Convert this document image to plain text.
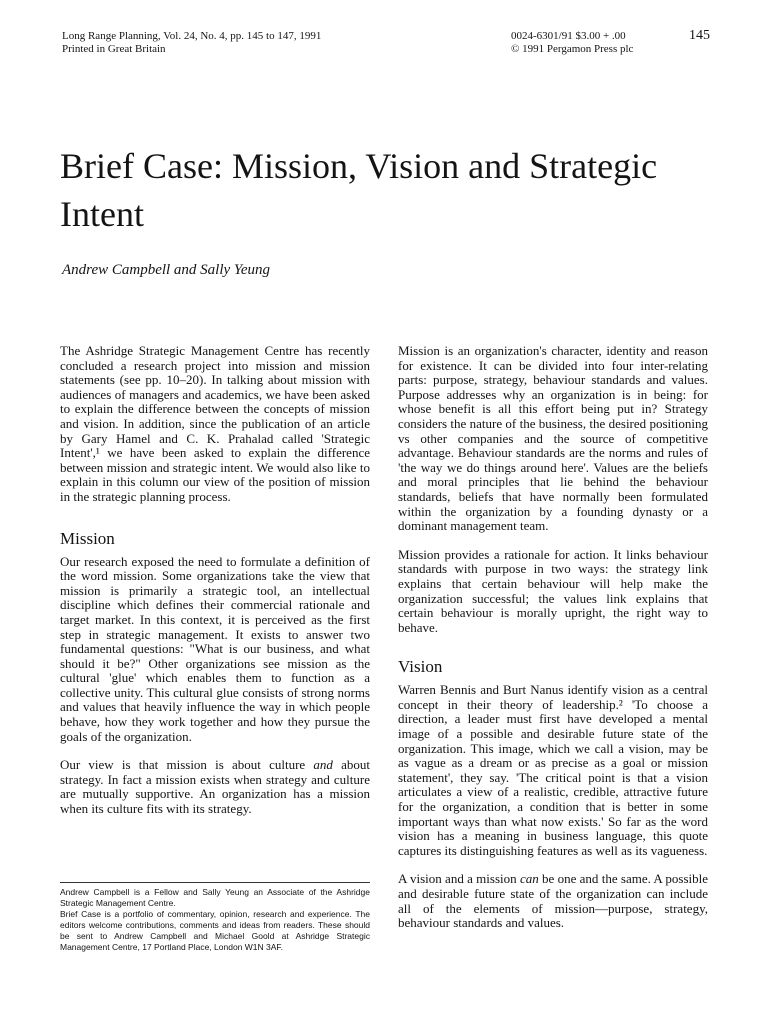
Long Range Planning, Vol. 24, No. 4, pp. 145 to 147, 1991
Printed in Great Britain
0024-6301/91 $3.00 + .00
© 1991 Pergamon Press plc
145
Brief Case: Mission, Vision and Strategic Intent
Andrew Campbell and Sally Yeung

The Ashridge Strategic Management Centre has recently concluded a research project into mission and mission statements (see pp. 10–20). In talking about mission with audiences of managers and academics, we have been asked to explain the difference between the concepts of mission and vision. In addition, since the publication of an article by Gary Hamel and C. K. Prahalad called 'Strategic Intent',¹ we have been asked to explain the difference between mission and strategic intent. We would also like to explain in this column our view of the position of mission in the strategic planning process.

Mission

Our research exposed the need to formulate a definition of the word mission. Some organizations take the view that mission is primarily a strategic tool, an intellectual discipline which defines their commercial rationale and target market. In this context, it is perceived as the first step in strategic management. It exists to answer two fundamental questions: "What is our business, and what should it be?" Other organizations see mission as the cultural 'glue' which enables them to function as a collective unity. This cultural glue consists of strong norms and values that heavily influence the way in which people behave, how they work together and how they pursue the goals of the organization.

Our view is that mission is about culture and about strategy. In fact a mission exists when strategy and culture are mutually supportive. An organization has a mission when its culture fits with its strategy.

Andrew Campbell is a Fellow and Sally Yeung an Associate of the Ashridge Strategic Management Centre.

Brief Case is a portfolio of commentary, opinion, research and experience. The editors welcome contributions, comments and ideas from readers. These should be sent to Andrew Campbell and Michael Goold at Ashridge Strategic Management Centre, 17 Portland Place, London W1N 3AF.

Mission is an organization's character, identity and reason for existence. It can be divided into four inter-relating parts: purpose, strategy, behaviour standards and values. Purpose addresses why an organization is in being: for whose benefit is all this effort being put in? Strategy considers the nature of the business, the desired positioning vs other companies and the source of competitive advantage. Behaviour standards are the norms and rules of 'the way we do things around here'. Values are the beliefs and moral principles that lie behind the behaviour standards, beliefs that have normally been formulated within the organization by a founding dynasty or a dominant management team.

Mission provides a rationale for action. It links behaviour standards with purpose in two ways: the strategy link explains that certain behaviour will help make the organization successful; the values link explains that certain behaviour is morally upright, the right way to behave.

Vision

Warren Bennis and Burt Nanus identify vision as a central concept in their theory of leadership.² 'To choose a direction, a leader must first have developed a mental image of a possible and desirable future state of the organization. This image, which we call a vision, may be as vague as a dream or as precise as a goal or mission statement', they say. 'The critical point is that a vision articulates a view of a realistic, credible, attractive future for the organization, a condition that is better in some important ways than what now exists.' So far as the word vision has a meaning in business language, this quote captures its distinguishing features as well as its vagueness.

A vision and a mission can be one and the same. A possible and desirable future state of the organization can include all of the elements of mission—purpose, strategy, behaviour standards and values.
